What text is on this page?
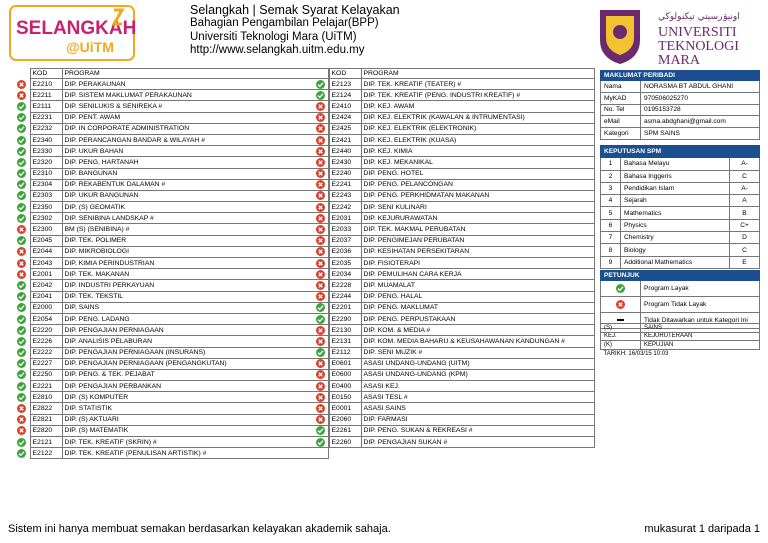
SELANGKAH
@UiTM
Selangkah | Semak Syarat Kelayakan
Bahagian Pengambilan Pelajar(BPP)
Universiti Teknologi Mara (UiTM)
http://www.selangkah.uitm.edu.my
اونيۏرسيتي تيكنولوڬي
UNIVERSITI
TEKNOLOGI
MARA
	KOD	PROGRAM

	E2210	DIP. PERAKAUNAN

	E2211	DIP. SISTEM MAKLUMAT PERAKAUNAN

	E2111	DIP. SENILUKIS & SENIREKA #

	E2231	DIP. PENT. AWAM

	E2232	DIP. IN CORPORATE ADMINISTRATION

	E2340	DIP. PERANCANGAN BANDAR & WILAYAH #

	E2330	DIP. UKUR BAHAN

	E2320	DIP. PENG. HARTANAH

	E2310	DIP. BANGUNAN

	E2304	DIP. REKABENTUK DALAMAN #

	E2303	DIP. UKUR BANGUNAN

	E2350	DIP. (S) GEOMATIK

	E2302	DIP. SENIBINA LANDSKAP #

	E2300	BM (S) (SENIBINA) #

	E2045	DIP. TEK. POLIMER

	E2044	DIP. MIKROBIOLOGI

	E2043	DIP. KIMIA PERINDUSTRIAN

	E2001	DIP. TEK. MAKANAN

	E2042	DIP. INDUSTRI PERKAYUAN

	E2041	DIP. TEK. TEKSTIL

	E2000	DIP. SAINS

	E2054	DIP. PENG. LADANG

	E2220	DIP. PENGAJIAN PERNIAGAAN

	E2226	DIP. ANALISIS PELABURAN

	E2222	DIP. PENGAJIAN PERNIAGAAN (INSURANS)

	E2227	DIP. PENGAJIAN PERNIAGAAN (PENGANGKUTAN)

	E2250	DIP. PENG. & TEK. PEJABAT

	E2221	DIP. PENGAJIAN PERBANKAN

	E2810	DIP. (S) KOMPUTER

	E2822	DIP. STATISTIK

	E2821	DIP. (S) AKTUARI

	E2820	DIP. (S) MATEMATIK

	E2121	DIP. TEK. KREATIF (SKRIN) #

	E2122	DIP. TEK. KREATIF (PENULISAN ARTISTIK) #
	KOD	PROGRAM

	E2123	DIP. TEK. KREATIF (TEATER) #

	E2124	DIP. TEK. KREATIF (PENG. INDUSTRI KREATIF) #

	E2410	DIP. KEJ. AWAM

	E2424	DIP. KEJ. ELEKTRIK (KAWALAN & INTRUMENTASI)

	E2425	DIP. KEJ. ELEKTRIK (ELEKTRONIK)

	E2421	DIP. KEJ. ELEKTRIK (KUASA)

	E2440	DIP. KEJ. KIMIA

	E2430	DIP. KEJ. MEKANIKAL

	E2240	DIP. PENG. HOTEL

	E2241	DIP. PENG. PELANCONGAN

	E2243	DIP. PENG. PERKHIDMATAN MAKANAN

	E2242	DIP. SENI KULINARI

	E2031	DIP. KEJURURAWATAN

	E2033	DIP. TEK. MAKMAL PERUBATAN

	E2037	DIP. PENGIMEJAN PERUBATAN

	E2036	DIP. KESIHATAN PERSEKITARAN

	E2035	DIP. FISIOTERAPI

	E2034	DIP. PEMULIHAN CARA KERJA

	E2228	DIP. MUAMALAT

	E2244	DIP. PENG. HALAL

	E2201	DIP. PENG. MAKLUMAT

	E2290	DIP. PENG. PERPUSTAKAAN

	E2130	DIP. KOM. & MEDIA #

	E2131	DIP. KOM. MEDIA BAHARU & KEUSAHAWANAN KANDUNGAN #

	E2112	DIP. SENI MUZIK #

	E0601	ASASI UNDANG-UNDANG (UITM)

	E0600	ASASI UNDANG-UNDANG (KPM)

	E0400	ASASI KEJ.

	E0150	ASASI TESL #

	E0001	ASASI SAINS

	E2060	DIP. FARMASI

	E2261	DIP. PENG. SUKAN & REKREASI #

	E2260	DIP. PENGAJIAN SUKAN #
MAKLUMAT PERIBADI	
Nama	NORASMA BT ABDUL GHANI
MyKAD	970506025270
No. Tel	0195153728
eMail	asma.abdghani@gmail.com
Kategori	SPM SAINS
KEPUTUSAN SPM		
1	Bahasa Melayu	A-
2	Bahasa Inggeris	C
3	Pendidikan Islam	A-
4	Sejarah	A
5	Mathematics	B
6	Physics	C+
7	Chemistry	D
8	Biology	C
9	Additional Mathematics	E
PETUNJUK	

	Program Layak

	Program Tidak Layak
	Tidak Ditawarkan untuk Kategori Ini
(S)	SAINS
KEJ.	KEJURUTERAAN
(K)	KEPUJIAN
TARIKH: 16/03/15 10:03	
Sistem ini hanya membuat semakan berdasarkan kelayakan akademik sahaja.	mukasurat 1 daripada 1
